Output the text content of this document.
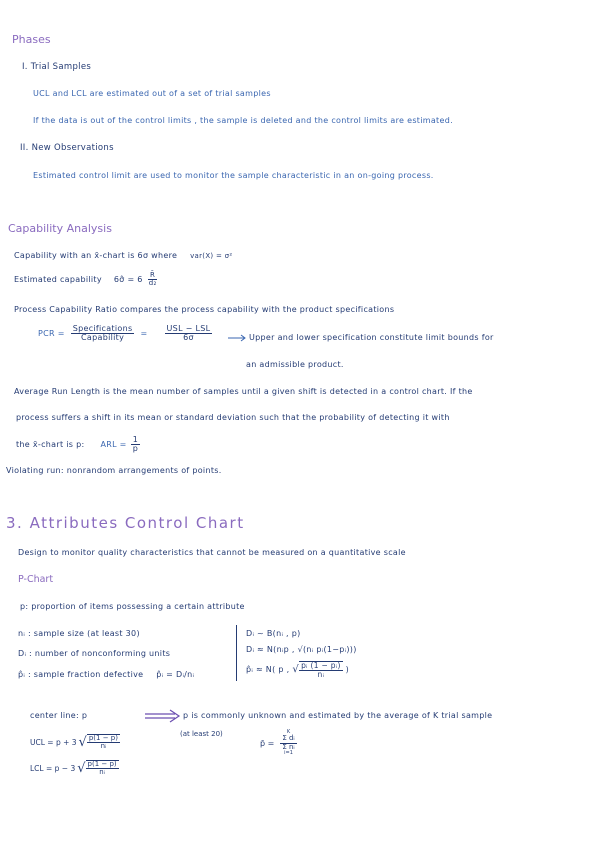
Phases
I. Trial Samples
UCL and LCL are estimated out of a set of trial samples
If the data is out of the control limits , the sample is deleted and the control limits are estimated.
II. New Observations
Estimated control limit are used to monitor the sample characteristic in an on-going process.
Capability Analysis
Capability with an x̄-chart is 6σ where var(X) = σ²
Estimated capability 6σ̂ = $6 \frac{R̄}{\text{d₂}}$
Process Capability Ratio compares the process capability with the product specifications
PCR = $\frac{\text{Specifications}}{\text{Capability}} = \frac{\text{USL − LSL}}{6\sigma}$	Upper and lower specification constitute limit bounds for
an admissible product.
Average Run Length is the mean number of samples until a given shift is detected in a control chart. If the
process suffers a shift in its mean or standard deviation such that the probability of detecting it with
the x̄-chart is p: ARL = $\frac{1}{p}$
Violating run: nonrandom arrangements of points.
3. Attributes Control Chart
Design to monitor quality characteristics that cannot be measured on a quantitative scale
P-Chart
p: proportion of items possessing a certain attribute
nᵢ : sample size (at least 30)
Dᵢ : number of nonconforming units
p̂ᵢ : sample fraction defective p̂ᵢ = Dᵢ/nᵢ
Dᵢ ~ B(nᵢ , p)
Dᵢ ≈ N(nᵢp , √(nᵢ pᵢ(1−pᵢ)))
p̂ᵢ ≈ N( p , √ $\frac{\text{pᵢ (1 − pᵢ)}}{\text{nᵢ}}$ )
center line: p	p is commonly unknown and estimated by the average of K trial sample
(at least 20)
UCL = p + 3 √ $\frac{p(1 - p)}{\text{nᵢ}}$
LCL = p − 3 √ $\frac{p(1 - p)}{\text{nᵢ}}$
p̄ =
K
Σ dᵢ
Σ nᵢ
i=1
